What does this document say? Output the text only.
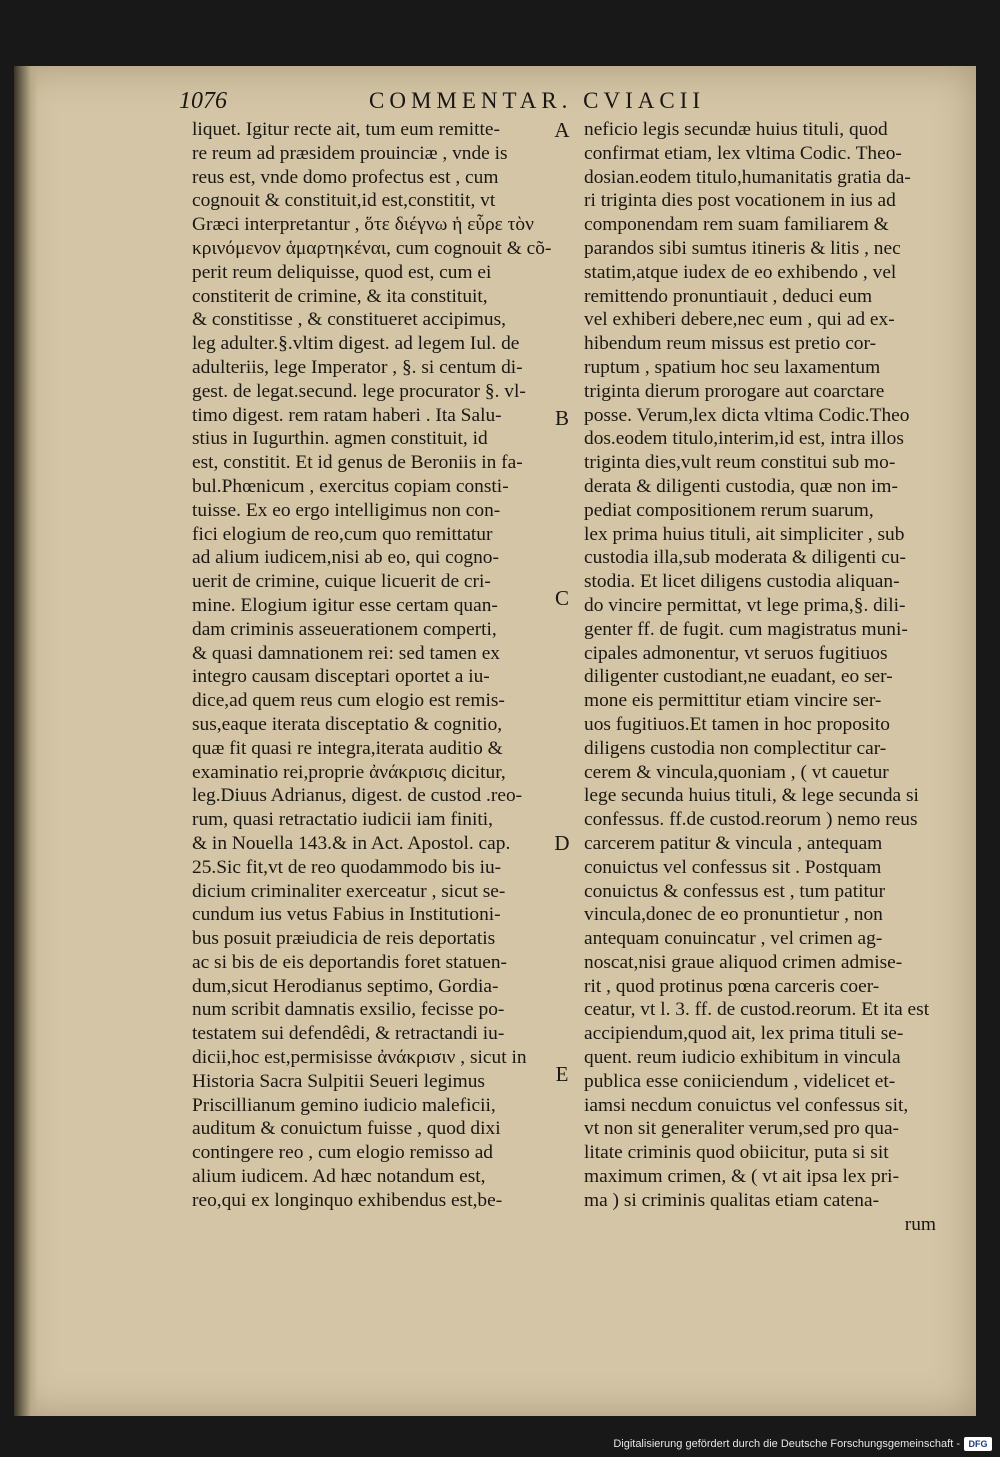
1076	COMMENTAR. CVIACII
liquet. Igitur recte ait, tum eum remitte-
re reum ad præsidem prouinciæ , vnde is
reus est, vnde domo profectus est , cum
cognouit & constituit,id est,constitit, vt
Græci interpretantur , ὅτε διέγνω ἡ εὗρε τὸν
κρινόμενον ἁμαρτηκέναι, cum cognouit & cõ-
perit reum deliquisse, quod est, cum ei
constiterit de crimine, & ita constituit,
& constitisse , & constitueret accipimus,
leg adulter.§.vltim digest. ad legem Iul. de
adulteriis, lege Imperator , §. si centum di-
gest. de legat.secund. lege procurator §. vl-
timo digest. rem ratam haberi . Ita Salu-
stius in Iugurthin. agmen constituit, id
est, constitit. Et id genus de Beroniis in fa-
bul.Phœnicum , exercitus copiam consti-
tuisse. Ex eo ergo intelligimus non con-
fici elogium de reo,cum quo remittatur
ad alium iudicem,nisi ab eo, qui cogno-
uerit de crimine, cuique licuerit de cri-
mine. Elogium igitur esse certam quan-
dam criminis asseuerationem comperti,
& quasi damnationem rei: sed tamen ex
integro causam disceptari oportet a iu-
dice,ad quem reus cum elogio est remis-
sus,eaque iterata disceptatio & cognitio,
quæ fit quasi re integra,iterata auditio &
examinatio rei,proprie ἀνάκρισις dicitur,
leg.Diuus Adrianus, digest. de custod .reo-
rum, quasi retractatio iudicii iam finiti,
& in Nouella 143.& in Act. Apostol. cap.
25.Sic fit,vt de reo quodammodo bis iu-
dicium criminaliter exerceatur , sicut se-
cundum ius vetus Fabius in Institutioni-
bus posuit præiudicia de reis deportatis
ac si bis de eis deportandis foret statuen-
dum,sicut Herodianus septimo, Gordia-
num scribit damnatis exsilio, fecisse po-
testatem sui defendêdi, & retractandi iu-
dicii,hoc est,permisisse ἀνάκρισιν , sicut in
Historia Sacra Sulpitii Seueri legimus
Priscillianum gemino iudicio maleficii,
auditum & conuictum fuisse , quod dixi
contingere reo , cum elogio remisso ad
alium iudicem. Ad hæc notandum est,
reo,qui ex longinquo exhibendus est,be-
neficio legis secundæ huius tituli, quod
confirmat etiam, lex vltima Codic. Theo-
dosian.eodem titulo,humanitatis gratia da-
ri triginta dies post vocationem in ius ad
componendam rem suam familiarem &
parandos sibi sumtus itineris & litis , nec
statim,atque iudex de eo exhibendo , vel
remittendo pronuntiauit , deduci eum
vel exhiberi debere,nec eum , qui ad ex-
hibendum reum missus est pretio cor-
ruptum , spatium hoc seu laxamentum
triginta dierum prorogare aut coarctare
posse. Verum,lex dicta vltima Codic.Theo
dos.eodem titulo,interim,id est, intra illos
triginta dies,vult reum constitui sub mo-
derata & diligenti custodia, quæ non im-
pediat compositionem rerum suarum,
lex prima huius tituli, ait simpliciter , sub
custodia illa,sub moderata & diligenti cu-
stodia. Et licet diligens custodia aliquan-
do vincire permittat, vt lege prima,§. dili-
genter ff. de fugit. cum magistratus muni-
cipales admonentur, vt seruos fugitiuos
diligenter custodiant,ne euadant, eo ser-
mone eis permittitur etiam vincire ser-
uos fugitiuos.Et tamen in hoc proposito
diligens custodia non complectitur car-
cerem & vincula,quoniam , ( vt cauetur
lege secunda huius tituli, & lege secunda si
confessus. ff.de custod.reorum ) nemo reus
carcerem patitur & vincula , antequam
conuictus vel confessus sit . Postquam
conuictus & confessus est , tum patitur
vincula,donec de eo pronuntietur , non
antequam conuincatur , vel crimen ag-
noscat,nisi graue aliquod crimen admise-
rit , quod protinus pœna carceris coer-
ceatur, vt l. 3. ff. de custod.reorum. Et ita est
accipiendum,quod ait, lex prima tituli se-
quent. reum iudicio exhibitum in vincula
publica esse coniiciendum , videlicet et-
iamsi necdum conuictus vel confessus sit,
vt non sit generaliter verum,sed pro qua-
litate criminis quod obiicitur, puta si sit
maximum crimen, & ( vt ait ipsa lex pri-
ma ) si criminis qualitas etiam catena-
rum
A
B
C
D
E
Digitalisierung gefördert durch die Deutsche Forschungsgemeinschaft - DFG
